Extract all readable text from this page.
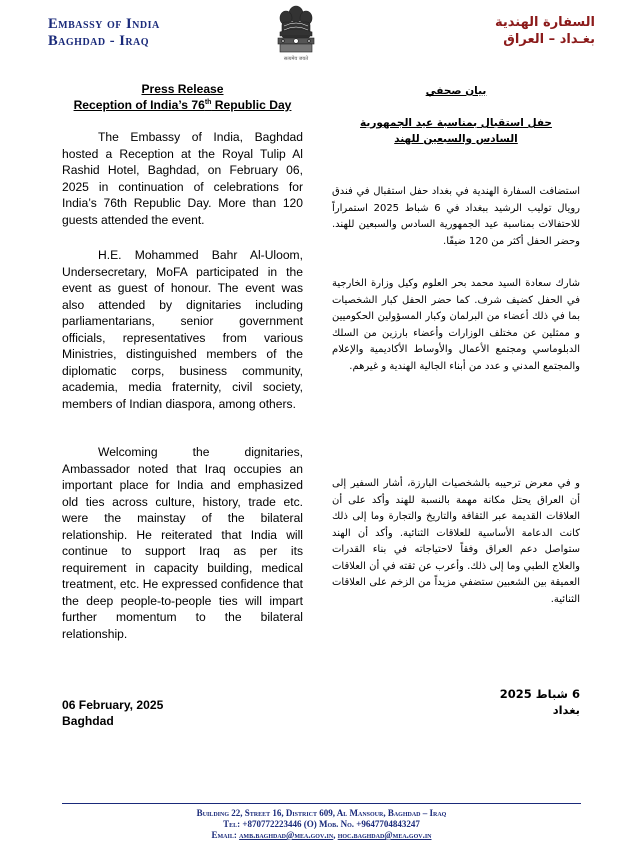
Embassy of India
Baghdad - Iraq
सत्यमेव जयते
السفارة الهندية
بغـداد – العراق
Press Release
Reception of India’s 76th Republic Day

The Embassy of India, Baghdad hosted a Reception at the Royal Tulip Al Rashid Hotel, Baghdad, on February 06, 2025 in continuation of celebrations for India’s 76th Republic Day. More than 120 guests attended the event.

H.E. Mohammed Bahr Al-Uloom, Undersecretary, MoFA participated in the event as guest of honour. The event was also attended by dignitaries including parliamentarians, senior government officials, representatives from various Ministries, distinguished members of the diplomatic corps, business community, academia, media fraternity, civil society, members of Indian diaspora, among others.

Welcoming the dignitaries, Ambassador noted that Iraq occupies an important place for India and emphasized old ties across culture, history, trade etc. were the mainstay of the bilateral relationship. He reiterated that India will continue to support Iraq as per its requirement in capacity building, medical treatment, etc. He expressed confidence that the deep people-to-people ties will impart further momentum to the bilateral relationship.

06 February, 2025
Baghdad
بيان صحفي
حفل استقبال بمناسبة عيد الجمهورية السادس والسبعين للهند

استضافت السفارة الهندية في بغداد حفل استقبال في فندق رويال توليب الرشيد ببغداد في 6 شباط 2025 استمراراً للاحتفالات بمناسبة عيد الجمهورية السادس والسبعين للهند. وحضر الحفل أكثر من 120 ضيفًا.

شارك سعادة السيد محمد بحر العلوم وكيل وزارة الخارجية في الحفل كضيف شرف. كما حضر الحفل كبار الشخصيات بما في ذلك أعضاء من البرلمان وكبار المسؤولين الحكوميين و ممثلين عن مختلف الوزارات وأعضاء بارزين من السلك الدبلوماسي ومجتمع الأعمال والأوساط الأكاديمية والإعلام والمجتمع المدني و عدد من أبناء الجالية الهندية و غيرهم.

و في معرض ترحيبه بالشخصيات البارزة، أشار السفير إلى أن العراق يحتل مكانة مهمة بالنسبة للهند وأكد على أن العلاقات القديمة عبر الثقافة والتاريخ والتجارة وما إلى ذلك كانت الدعامة الأساسية للعلاقات الثنائية. وأكد أن الهند ستواصل دعم العراق وفقاً لاحتياجاته في بناء القدرات والعلاج الطبي وما إلى ذلك. وأعرب عن ثقته في أن العلاقات العميقة بين الشعبين ستضفي مزيداً من الزخم على العلاقات الثنائية.

6 شباط 2025
بغداد
Building 22, Street 16, District 609, Al Mansour, Baghdad – Iraq
Tel: +870772223446 (O) Mob. No. +9647704843247
Email: amb.baghdad@mea.gov.in, hoc.baghdad@mea.gov.in
